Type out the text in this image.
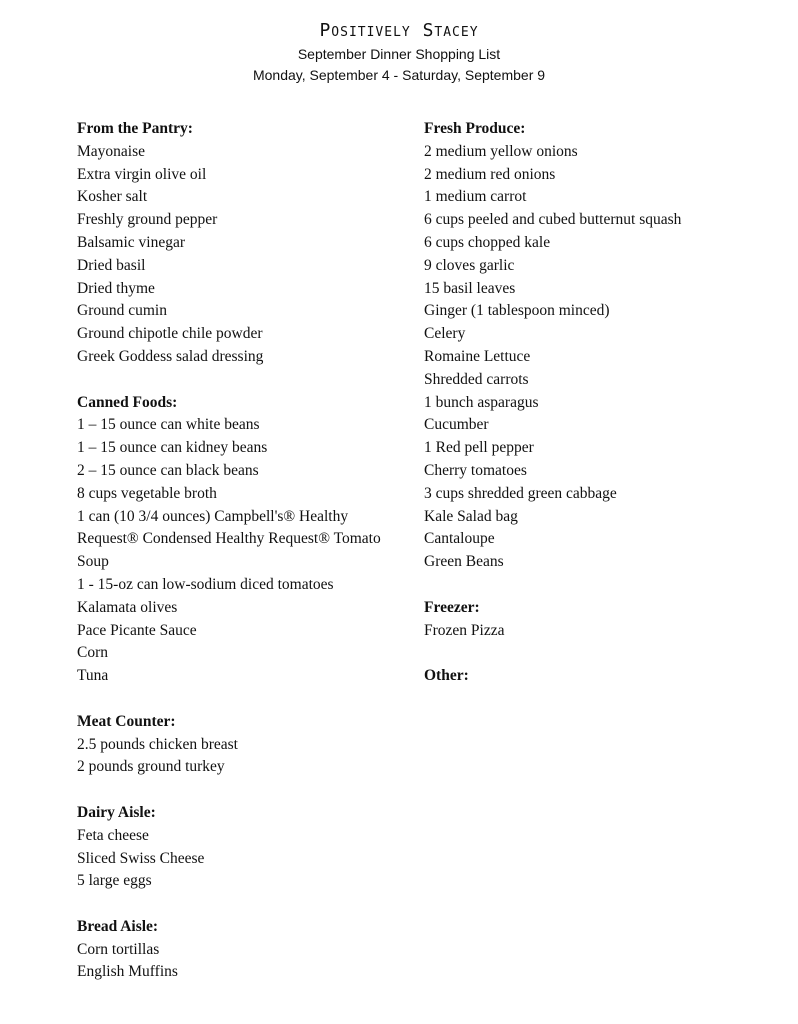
Positively Stacey
September Dinner Shopping List
Monday, September 4 - Saturday, September 9
From the Pantry:
Mayonaise
Extra virgin olive oil
Kosher salt
Freshly ground pepper
Balsamic vinegar
Dried basil
Dried thyme
Ground cumin
Ground chipotle chile powder
Greek Goddess salad dressing
Canned Foods:
1 – 15 ounce can white beans
1 – 15 ounce can kidney beans
2 – 15 ounce can black beans
8 cups vegetable broth
1 can (10 3/4 ounces) Campbell's® Healthy Request® Condensed Healthy Request® Tomato Soup
1 - 15-oz can low-sodium diced tomatoes
Kalamata olives
Pace Picante Sauce
Corn
Tuna
Meat Counter:
2.5 pounds chicken breast
2 pounds ground turkey
Dairy Aisle:
Feta cheese
Sliced Swiss Cheese
5 large eggs
Bread Aisle:
Corn tortillas
English Muffins
Fresh Produce:
2 medium yellow onions
2 medium red onions
1 medium carrot
6 cups peeled and cubed butternut squash
6 cups chopped kale
9 cloves garlic
15 basil leaves
Ginger (1 tablespoon minced)
Celery
Romaine Lettuce
Shredded carrots
1 bunch asparagus
Cucumber
1 Red pell pepper
Cherry tomatoes
3 cups shredded green cabbage
Kale Salad bag
Cantaloupe
Green Beans
Freezer:
Frozen Pizza
Other:
